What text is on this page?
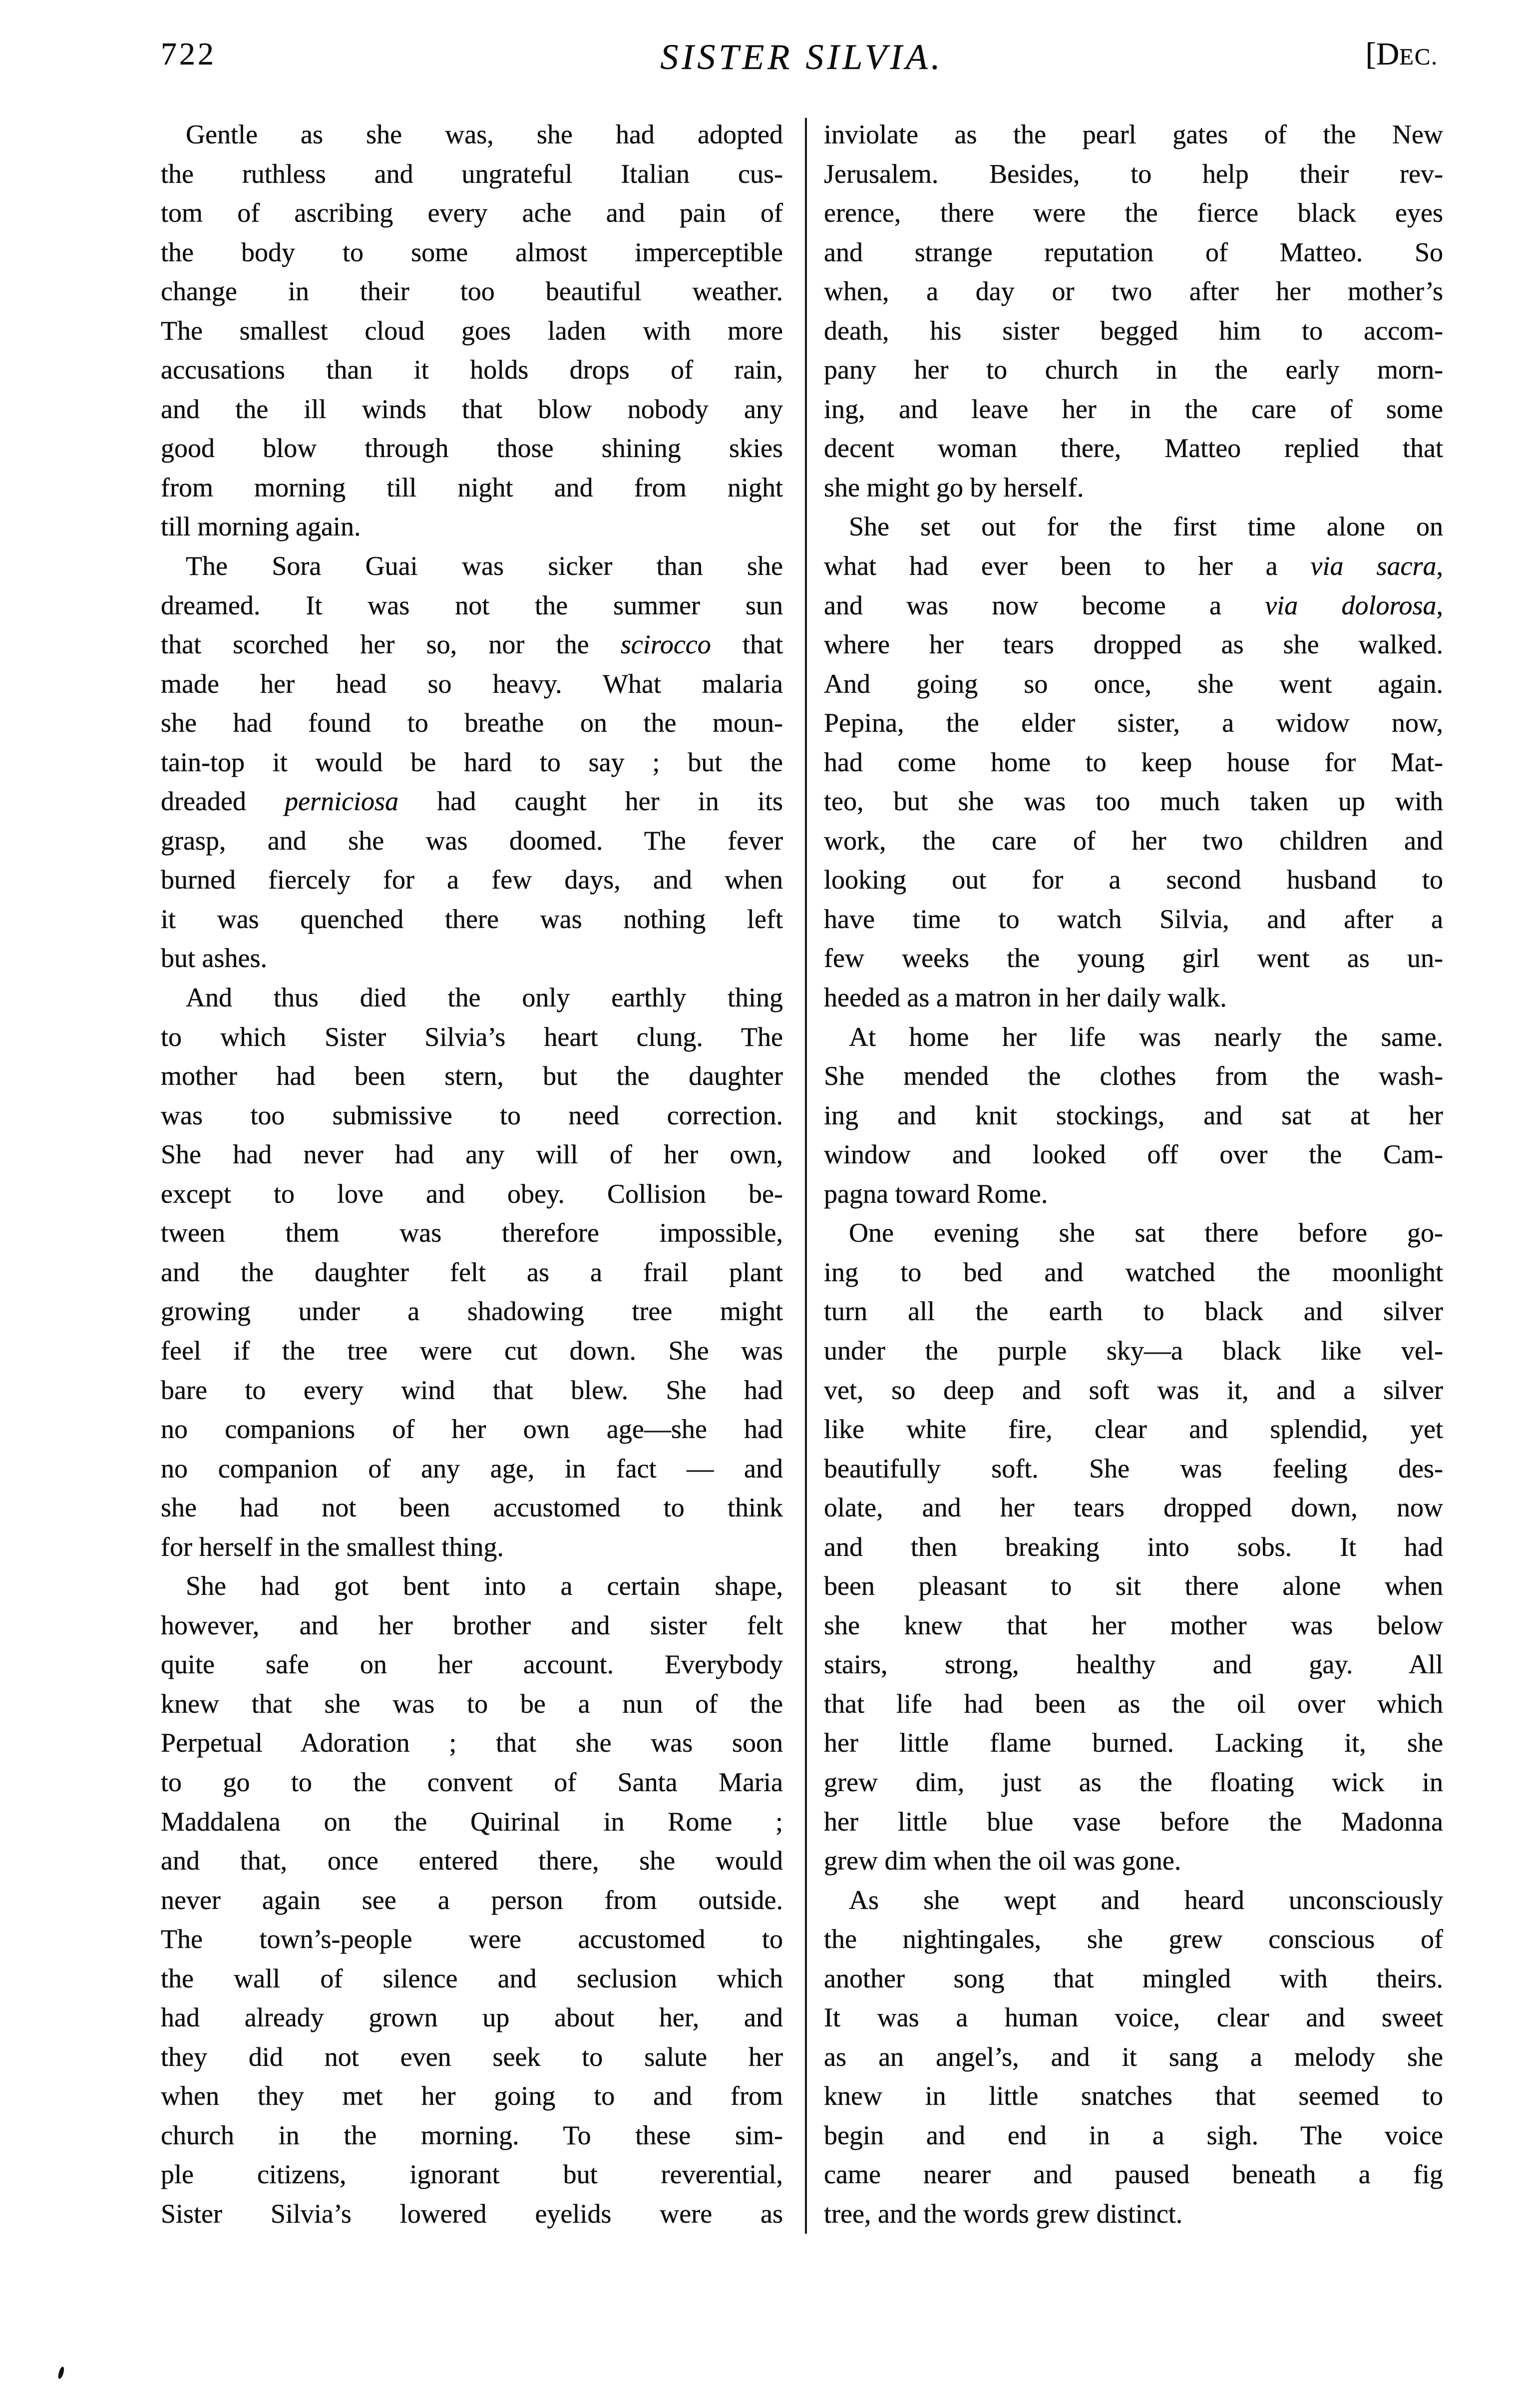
722	SISTER SILVIA.	[DEC.

Gentle as she was, she had adopted
the ruthless and ungrateful Italian cus-
tom of ascribing every ache and pain of
the body to some almost imperceptible
change in their too beautiful weather.
The smallest cloud goes laden with more
accusations than it holds drops of rain,
and the ill winds that blow nobody any
good blow through those shining skies
from morning till night and from night
till morning again.

The Sora Guai was sicker than she
dreamed. It was not the summer sun
that scorched her so, nor the scirocco that
made her head so heavy. What malaria
she had found to breathe on the moun-
tain-top it would be hard to say ; but the
dreaded perniciosa had caught her in its
grasp, and she was doomed. The fever
burned fiercely for a few days, and when
it was quenched there was nothing left
but ashes.

And thus died the only earthly thing
to which Sister Silvia’s heart clung. The
mother had been stern, but the daughter
was too submissive to need correction.
She had never had any will of her own,
except to love and obey. Collision be-
tween them was therefore impossible,
and the daughter felt as a frail plant
growing under a shadowing tree might
feel if the tree were cut down. She was
bare to every wind that blew. She had
no companions of her own age—she had
no companion of any age, in fact — and
she had not been accustomed to think
for herself in the smallest thing.

She had got bent into a certain shape,
however, and her brother and sister felt
quite safe on her account. Everybody
knew that she was to be a nun of the
Perpetual Adoration ; that she was soon
to go to the convent of Santa Maria
Maddalena on the Quirinal in Rome ;
and that, once entered there, she would
never again see a person from outside.
The town’s-people were accustomed to
the wall of silence and seclusion which
had already grown up about her, and
they did not even seek to salute her
when they met her going to and from
church in the morning. To these sim-
ple citizens, ignorant but reverential,
Sister Silvia’s lowered eyelids were as

inviolate as the pearl gates of the New
Jerusalem. Besides, to help their rev-
erence, there were the fierce black eyes
and strange reputation of Matteo. So
when, a day or two after her mother’s
death, his sister begged him to accom-
pany her to church in the early morn-
ing, and leave her in the care of some
decent woman there, Matteo replied that
she might go by herself.

She set out for the first time alone on
what had ever been to her a via sacra,
and was now become a via dolorosa,
where her tears dropped as she walked.
And going so once, she went again.
Pepina, the elder sister, a widow now,
had come home to keep house for Mat-
teo, but she was too much taken up with
work, the care of her two children and
looking out for a second husband to
have time to watch Silvia, and after a
few weeks the young girl went as un-
heeded as a matron in her daily walk.

At home her life was nearly the same.
She mended the clothes from the wash-
ing and knit stockings, and sat at her
window and looked off over the Cam-
pagna toward Rome.

One evening she sat there before go-
ing to bed and watched the moonlight
turn all the earth to black and silver
under the purple sky—a black like vel-
vet, so deep and soft was it, and a silver
like white fire, clear and splendid, yet
beautifully soft. She was feeling des-
olate, and her tears dropped down, now
and then breaking into sobs. It had
been pleasant to sit there alone when
she knew that her mother was below
stairs, strong, healthy and gay. All
that life had been as the oil over which
her little flame burned. Lacking it, she
grew dim, just as the floating wick in
her little blue vase before the Madonna
grew dim when the oil was gone.

As she wept and heard unconsciously
the nightingales, she grew conscious of
another song that mingled with theirs.
It was a human voice, clear and sweet
as an angel’s, and it sang a melody she
knew in little snatches that seemed to
begin and end in a sigh. The voice
came nearer and paused beneath a fig
tree, and the words grew distinct.
